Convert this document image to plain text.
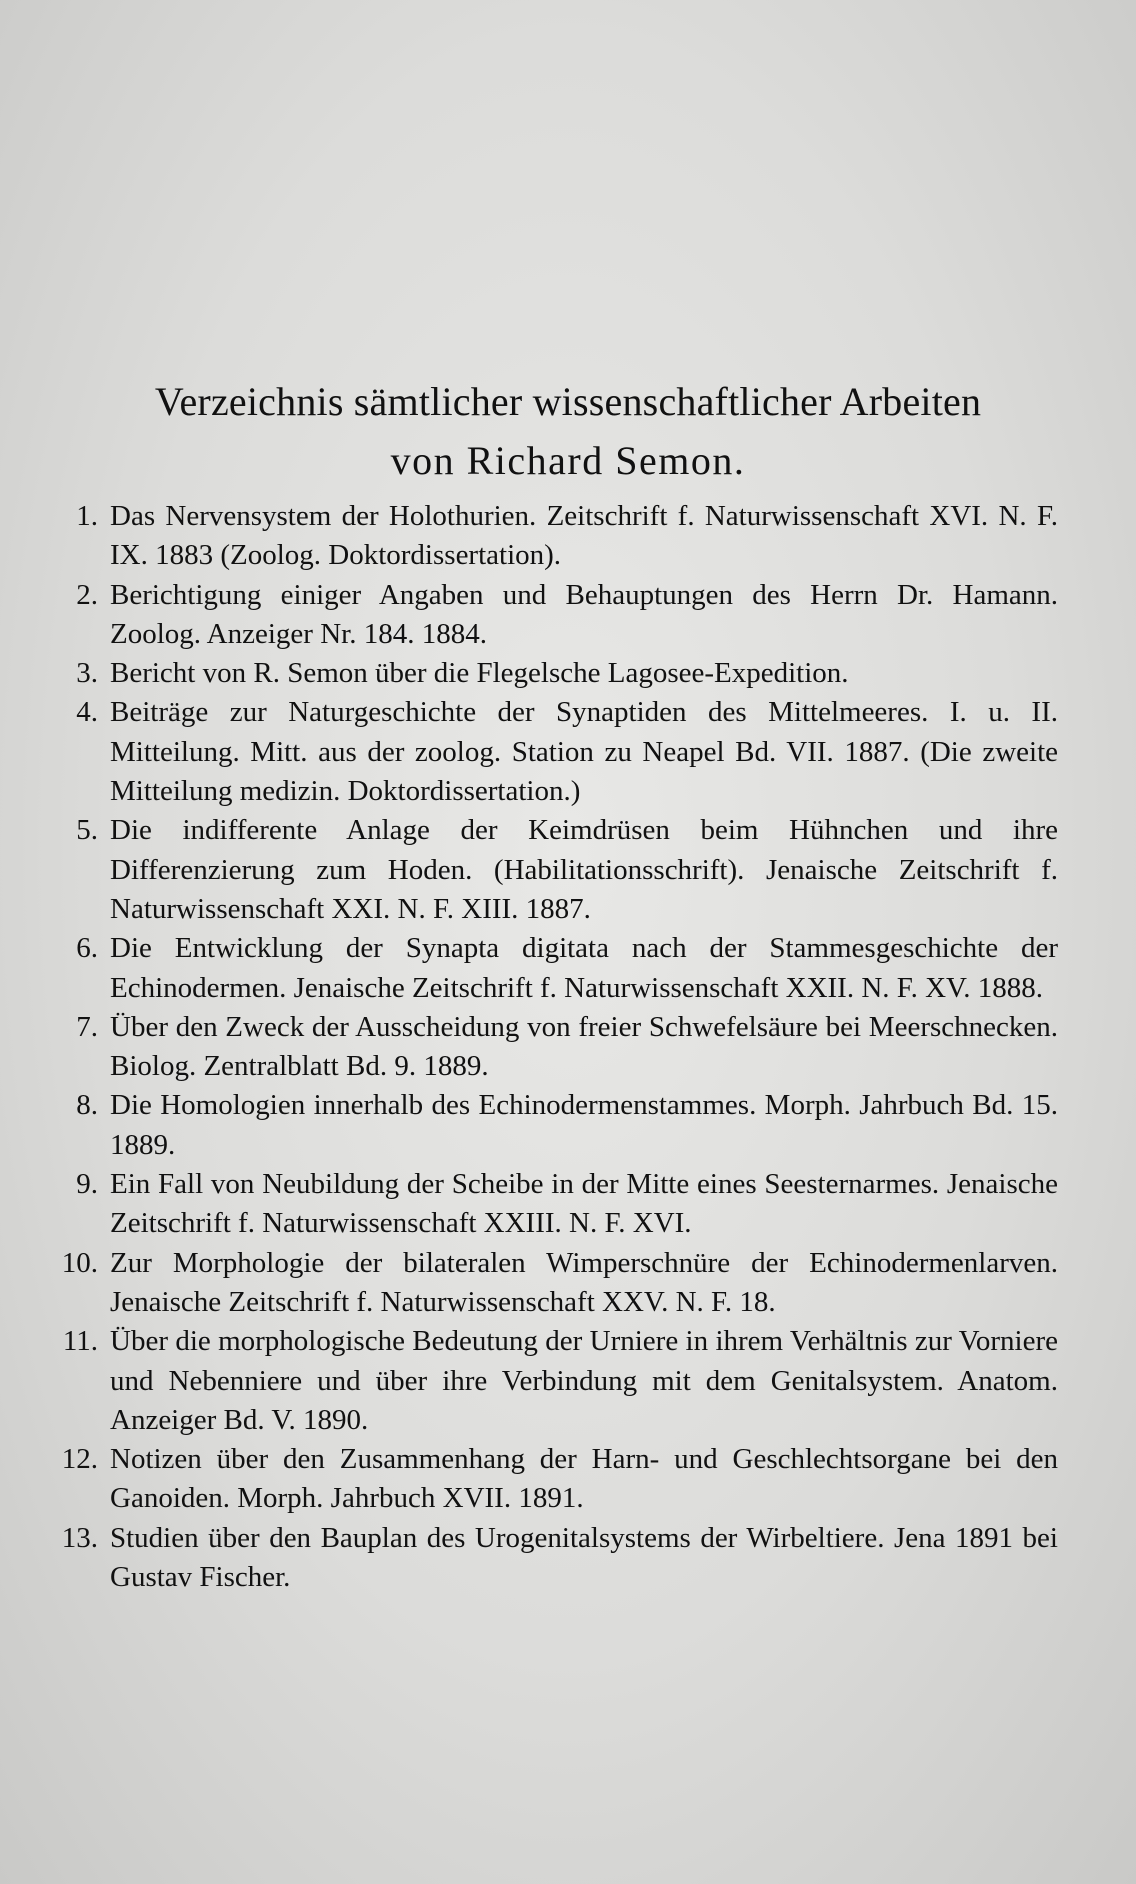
Verzeichnis sämtlicher wissenschaftlicher Arbeiten
von Richard Semon.
1. Das Nervensystem der Holothurien. Zeitschrift f. Naturwissenschaft XVI. N. F. IX. 1883 (Zoolog. Doktordissertation).
2. Berichtigung einiger Angaben und Behauptungen des Herrn Dr. Hamann. Zoolog. Anzeiger Nr. 184. 1884.
3. Bericht von R. Semon über die Flegelsche Lagosee-Expedition.
4. Beiträge zur Naturgeschichte der Synaptiden des Mittelmeeres. I. u. II. Mitteilung. Mitt. aus der zoolog. Station zu Neapel Bd. VII. 1887. (Die zweite Mitteilung medizin. Doktordissertation.)
5. Die indifferente Anlage der Keimdrüsen beim Hühnchen und ihre Differenzierung zum Hoden. (Habilitationsschrift). Jenaische Zeitschrift f. Naturwissenschaft XXI. N. F. XIII. 1887.
6. Die Entwicklung der Synapta digitata nach der Stammesgeschichte der Echinodermen. Jenaische Zeitschrift f. Naturwissenschaft XXII. N. F. XV. 1888.
7. Über den Zweck der Ausscheidung von freier Schwefelsäure bei Meerschnecken. Biolog. Zentralblatt Bd. 9. 1889.
8. Die Homologien innerhalb des Echinodermenstammes. Morph. Jahrbuch Bd. 15. 1889.
9. Ein Fall von Neubildung der Scheibe in der Mitte eines Seesternarmes. Jenaische Zeitschrift f. Naturwissenschaft XXIII. N. F. XVI.
10. Zur Morphologie der bilateralen Wimperschnüre der Echinodermenlarven. Jenaische Zeitschrift f. Naturwissenschaft XXV. N. F. 18.
11. Über die morphologische Bedeutung der Urniere in ihrem Verhältnis zur Vorniere und Nebenniere und über ihre Verbindung mit dem Genitalsystem. Anatom. Anzeiger Bd. V. 1890.
12. Notizen über den Zusammenhang der Harn- und Geschlechtsorgane bei den Ganoiden. Morph. Jahrbuch XVII. 1891.
13. Studien über den Bauplan des Urogenitalsystems der Wirbeltiere. Jena 1891 bei Gustav Fischer.
